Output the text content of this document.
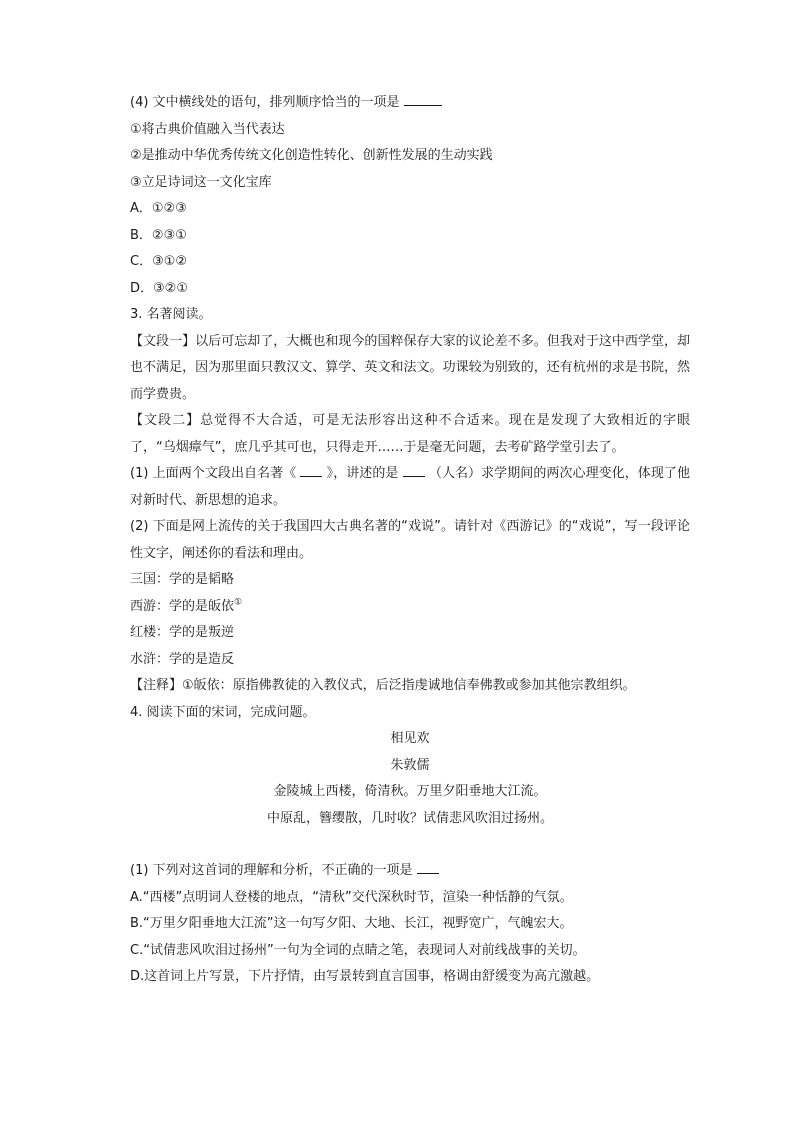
(4) 文中横线处的语句，排列顺序恰当的一项是
①将古典价值融入当代表达
②是推动中华优秀传统文化创造性转化、创新性发展的生动实践
③立足诗词这一文化宝库
A．①②③
B．②③①
C．③①②
D．③②①
3. 名著阅读。
【文段一】以后可忘却了，大概也和现今的国粹保存大家的议论差不多。但我对于这中西学堂，却也不满足，因为那里面只教汉文、算学、英文和法文。功课较为别致的，还有杭州的求是书院，然而学费贵。
【文段二】总觉得不大合适，可是无法形容出这种不合适来。现在是发现了大致相近的字眼了，“乌烟瘴气”，庶几乎其可也，只得走开……于是毫无问题，去考矿路学堂引去了。
(1) 上面两个文段出自名著《 》，讲述的是 （人名）求学期间的两次心理变化，体现了他对新时代、新思想的追求。
(2) 下面是网上流传的关于我国四大古典名著的“戏说”。请针对《西游记》的“戏说”，写一段评论性文字，阐述你的看法和理由。
三国：学的是韬略
西游：学的是皈依①
红楼：学的是叛逆
水浒：学的是造反
【注释】①皈依：原指佛教徒的入教仪式，后泛指虔诚地信奉佛教或参加其他宗教组织。
4. 阅读下面的宋词，完成问题。
相见欢
朱敦儒
金陵城上西楼，倚清秋。万里夕阳垂地大江流。
中原乱，簪缨散，几时收？试倩悲风吹泪过扬州。
(1) 下列对这首词的理解和分析，不正确的一项是
A.“西楼”点明词人登楼的地点，“清秋”交代深秋时节，渲染一种恬静的气氛。
B.“万里夕阳垂地大江流”这一句写夕阳、大地、长江，视野宽广，气魄宏大。
C.“试倩悲风吹泪过扬州”一句为全词的点睛之笔，表现词人对前线战事的关切。
D.这首词上片写景，下片抒情，由写景转到直言国事，格调由舒缓变为高亢激越。
